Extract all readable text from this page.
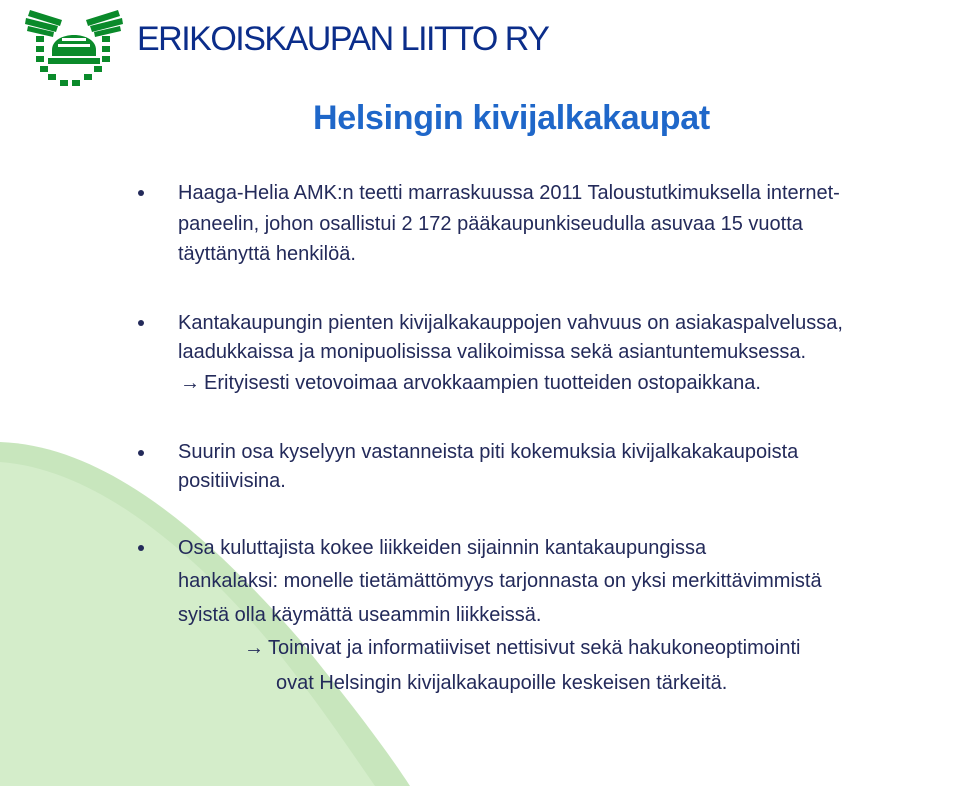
ERIKOISKAUPAN LIITTO RY
Helsingin kivijalkakaupat
Haaga-Helia AMK:n teetti marraskuussa 2011 Taloustutkimuksella internet-
paneelin, johon osallistui 2 172 pääkaupunkiseudulla asuvaa 15 vuotta
täyttänyttä henkilöä.
Kantakaupungin pienten kivijalkakauppojen vahvuus on asiakaspalvelussa,
laadukkaissa ja monipuolisissa valikoimissa sekä asiantuntemuksessa.
→ Erityisesti vetovoimaa arvokkaampien tuotteiden ostopaikkana.
Suurin osa kyselyyn vastanneista piti kokemuksia kivijalkakakaupoista
positiivisina.
Osa kuluttajista kokee liikkeiden sijainnin kantakaupungissa
hankalaksi: monelle tietämättömyys tarjonnasta on yksi merkittävimmistä
syistä olla käymättä useammin liikkeissä.
→ Toimivat ja informatiiviset nettisivut sekä hakukoneoptimointi
ovat Helsingin kivijalkakaupoille keskeisen tärkeitä.
